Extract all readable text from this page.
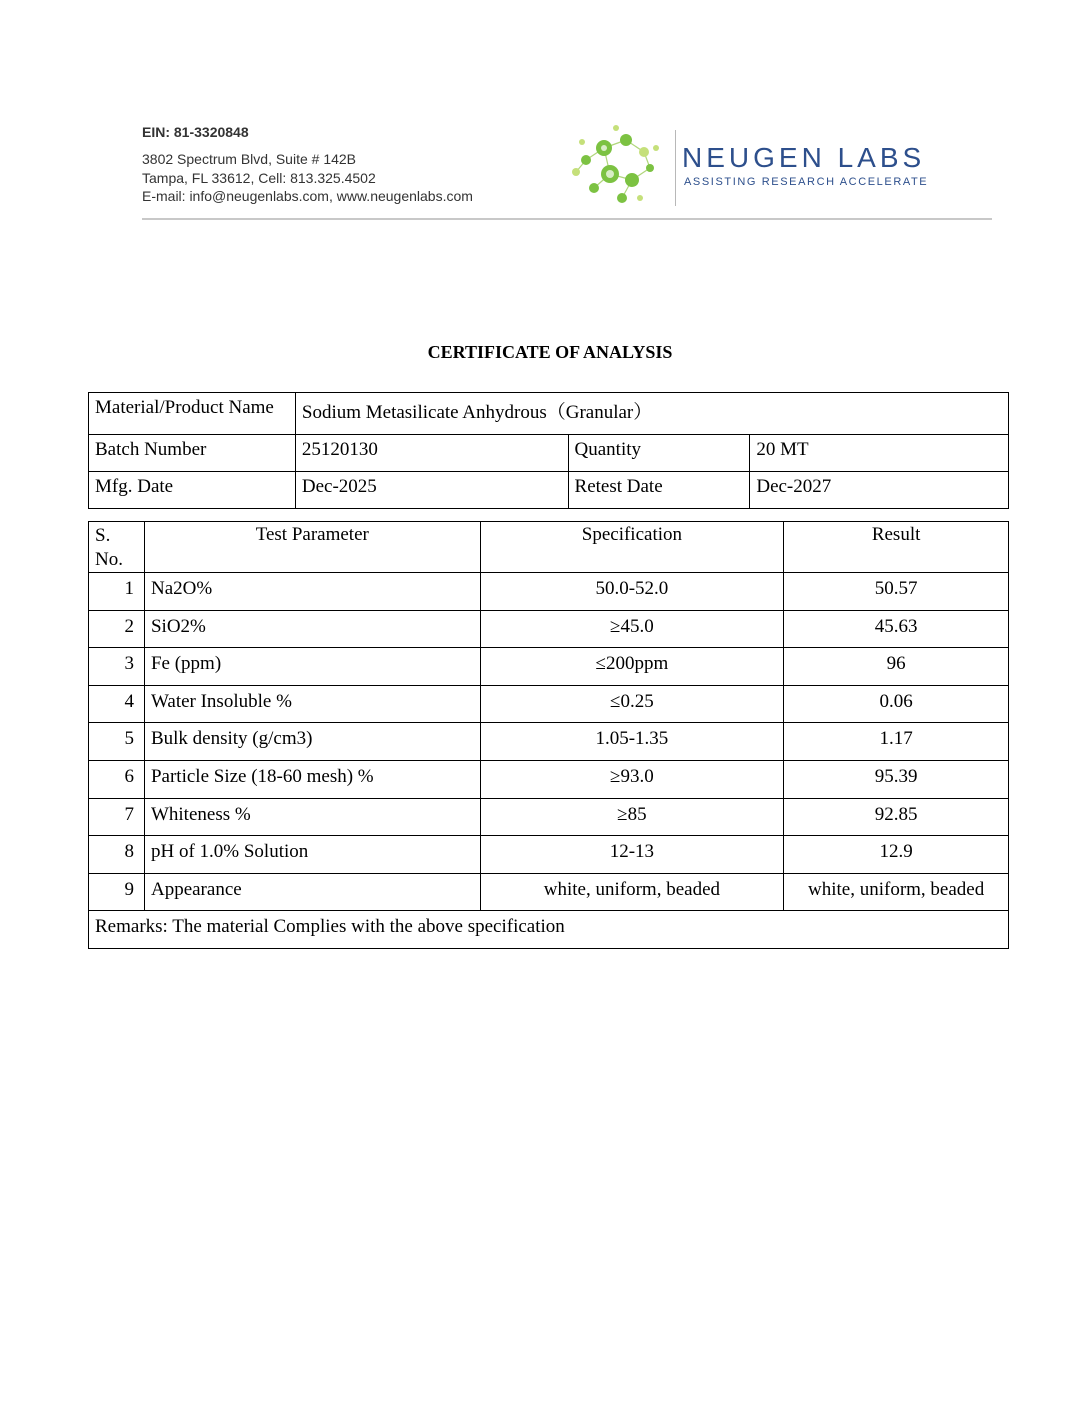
EIN: 81-3320848
3802 Spectrum Blvd, Suite # 142B
Tampa, FL 33612, Cell: 813.325.4502
E-mail: info@neugenlabs.com, www.neugenlabs.com
NEUGEN LABS
ASSISTING RESEARCH ACCELERATE
CERTIFICATE OF ANALYSIS
Material/Product Name	Sodium Metasilicate Anhydrous（Granular）		
Batch Number	25120130	Quantity	20 MT
Mfg. Date	Dec-2025	Retest Date	Dec-2027
S. No.	Test Parameter	Specification	Result
1	Na2O%	50.0-52.0	50.57
2	SiO2%	≥45.0	45.63
3	Fe (ppm)	≤200ppm	96
4	Water Insoluble %	≤0.25	0.06
5	Bulk density (g/cm3)	1.05-1.35	1.17
6	Particle Size (18-60 mesh) %	≥93.0	95.39
7	Whiteness %	≥85	92.85
8	pH of 1.0% Solution	12-13	12.9
9	Appearance	white, uniform, beaded	white, uniform, beaded
Remarks: The material Complies with the above specification			
